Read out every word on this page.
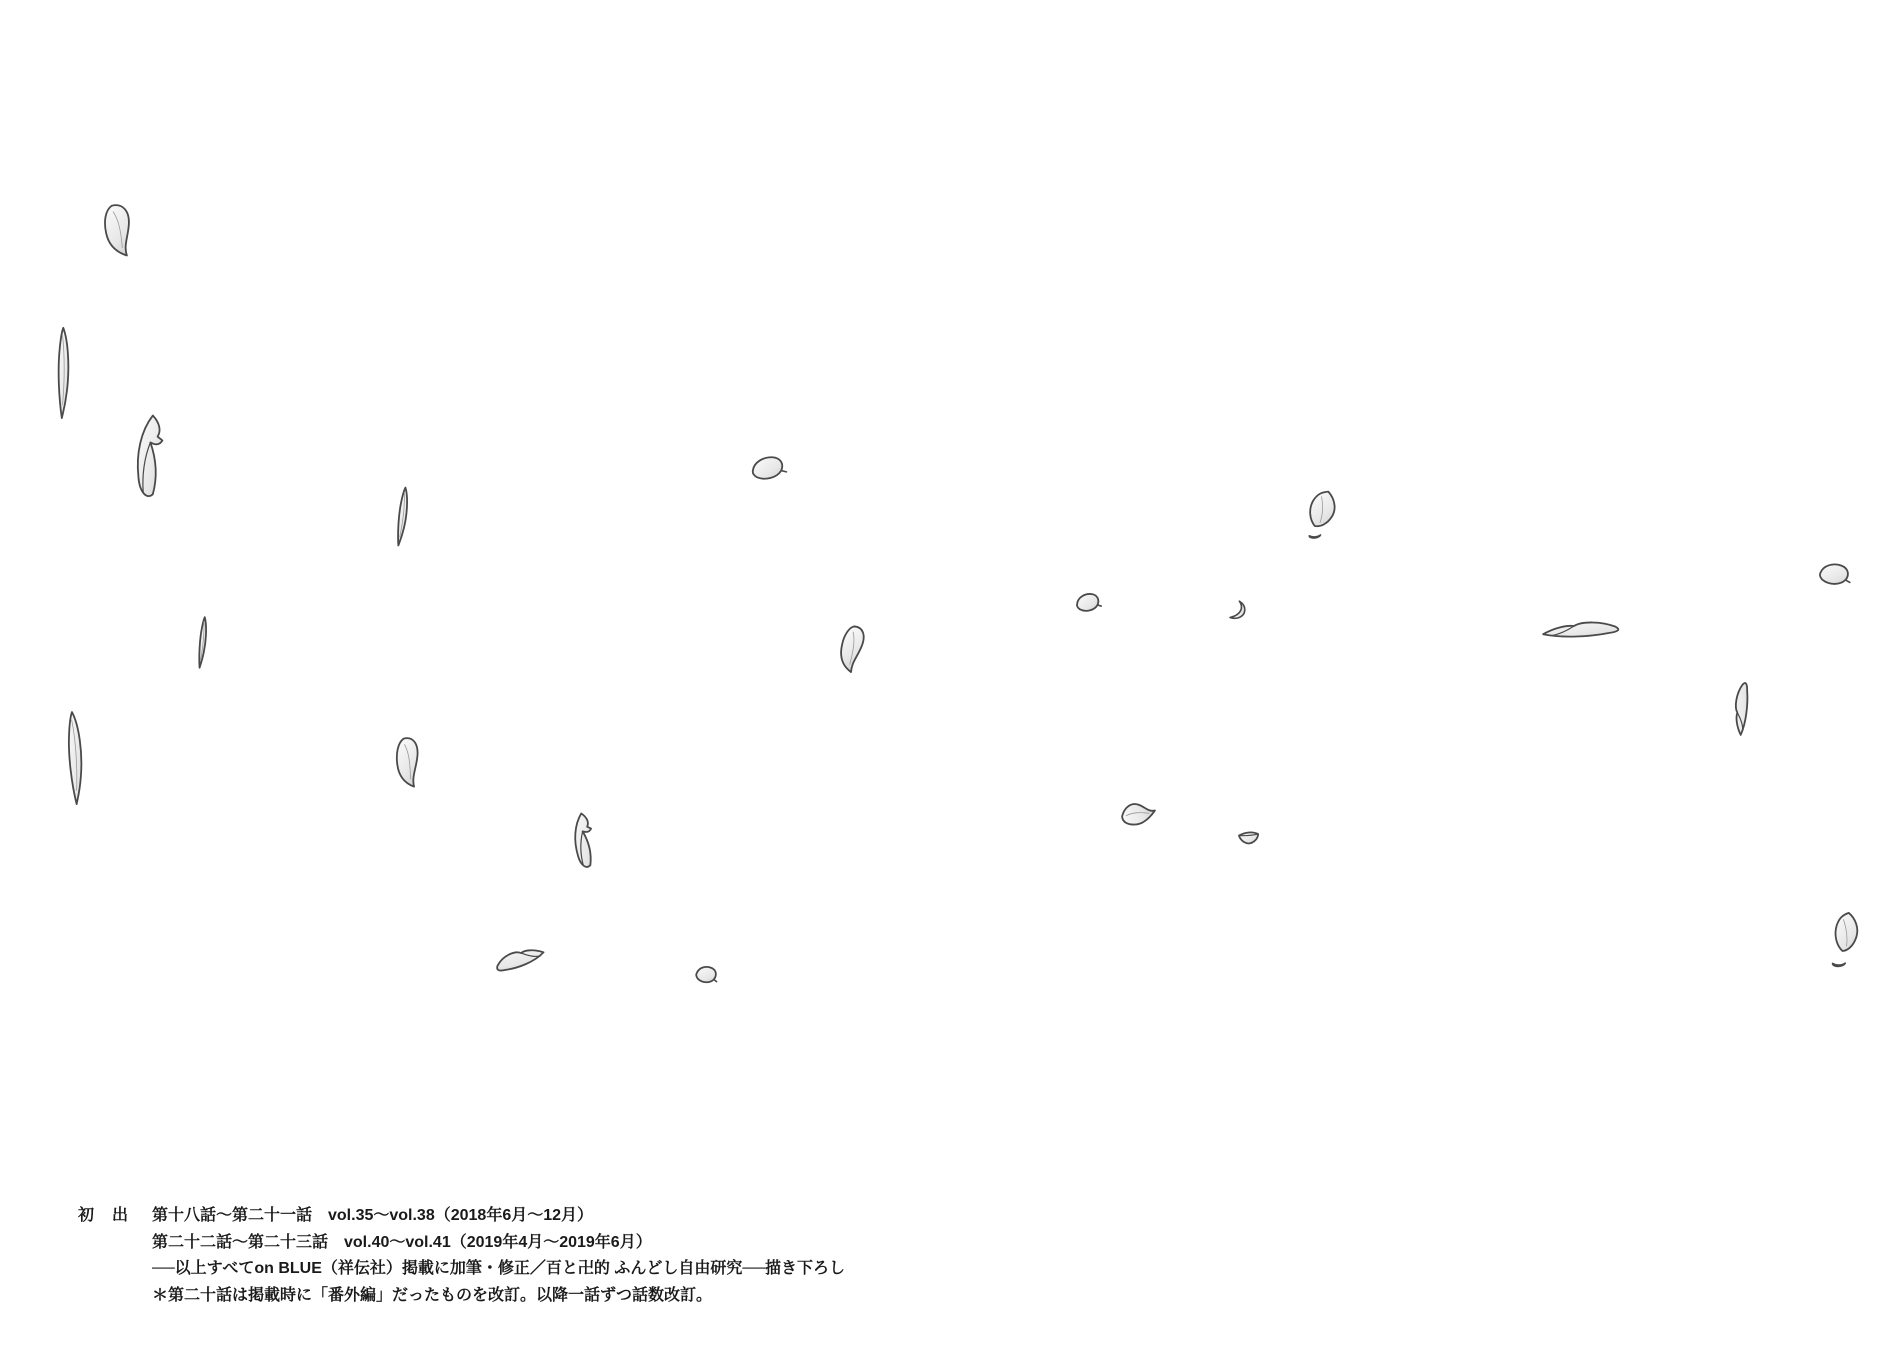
初　出 第十八話〜第二十一話　vol.35〜vol.38（2018年6月〜12月）
第二十二話〜第二十三話　vol.40〜vol.41（2019年4月〜2019年6月）
──以上すべてon BLUE（祥伝社）掲載に加筆・修正／百と卍的 ふんどし自由研究──描き下ろし
＊第二十話は掲載時に「番外編」だったものを改訂。以降一話ずつ話数改訂。
